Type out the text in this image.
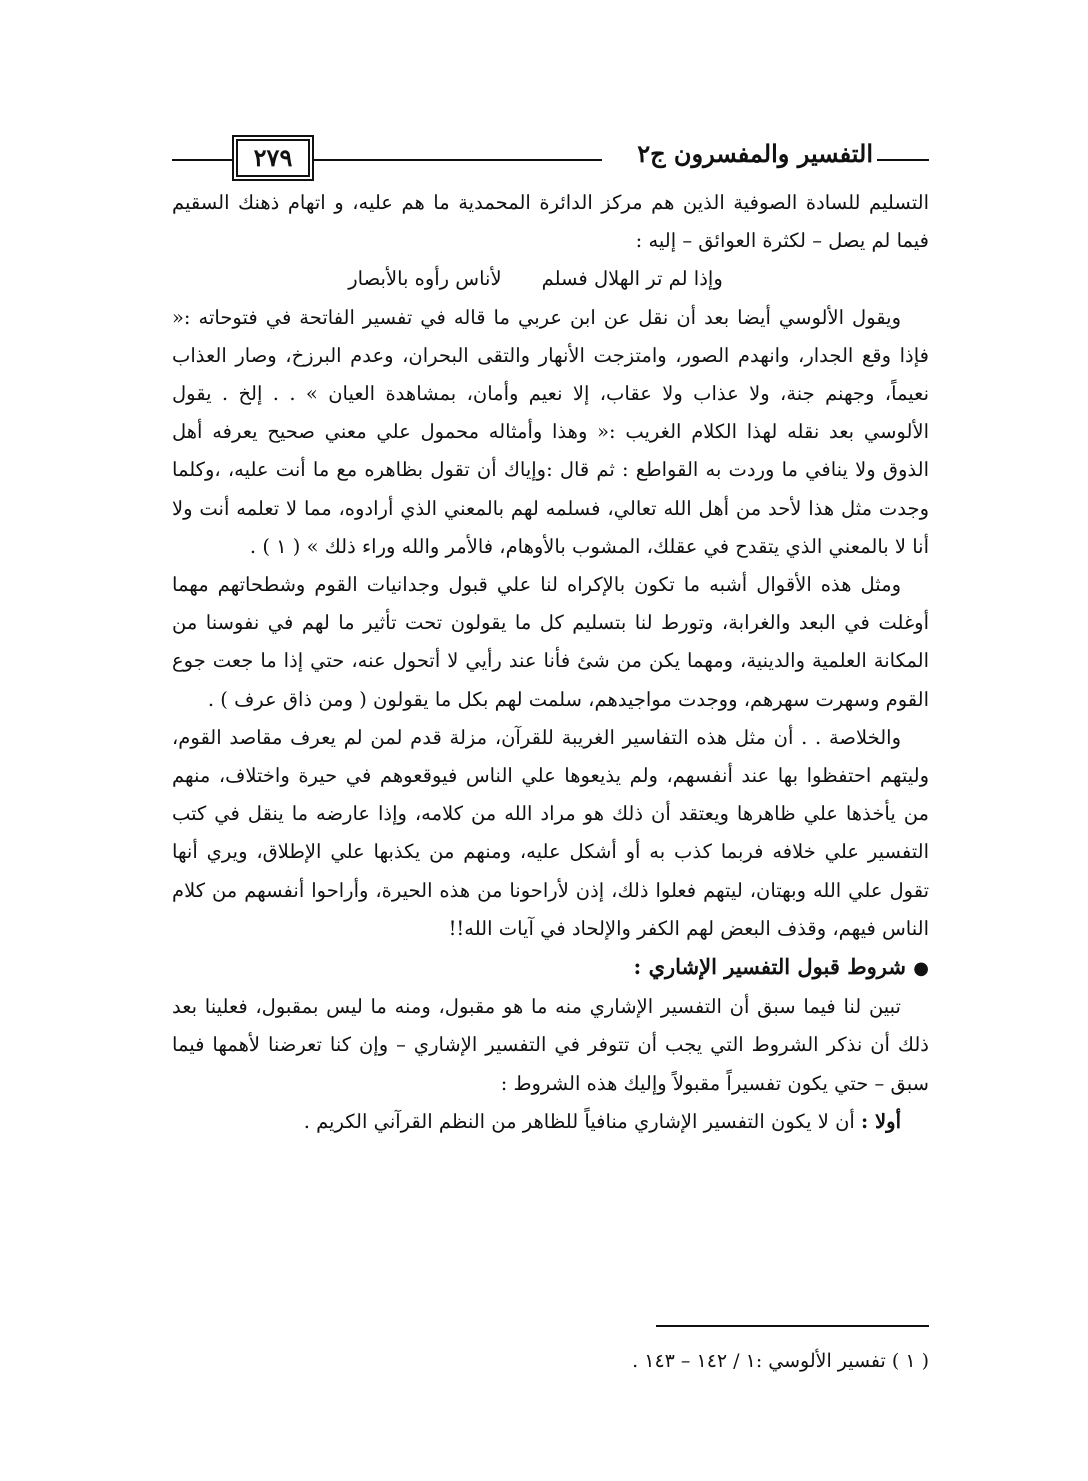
٢٧٩	التفسير والمفسرون ج٢

التسليم للسادة الصوفية الذين هم مركز الدائرة المحمدية ما هم عليه، و اتهام ذهنك السقيم فيما لم يصل – لكثرة العوائق – إليه :

وإذا لم تر الهلال فسلملأناس رأوه بالأبصار

ويقول الألوسي أيضا بعد أن نقل عن ابن عربي ما قاله في تفسير الفاتحة في فتوحاته :« فإذا وقع الجدار، وانهدم الصور، وامتزجت الأنهار والتقى البحران، وعدم البرزخ، وصار العذاب نعيماً، وجهنم جنة، ولا عذاب ولا عقاب، إلا نعيم وأمان، بمشاهدة العيان » . . إلخ . يقول الألوسي بعد نقله لهذا الكلام الغريب :« وهذا وأمثاله محمول علي معني صحيح يعرفه أهل الذوق ولا ينافي ما وردت به القواطع : ثم قال :وإياك أن تقول بظاهره مع ما أنت عليه، ،وكلما وجدت مثل هذا لأحد من أهل الله تعالي، فسلمه لهم بالمعني الذي أرادوه، مما لا تعلمه أنت ولا أنا لا بالمعني الذي يتقدح في عقلك، المشوب بالأوهام، فالأمر والله وراء ذلك » ( ١ ) .

ومثل هذه الأقوال أشبه ما تكون بالإكراه لنا علي قبول وجدانيات القوم وشطحاتهم مهما أوغلت في البعد والغرابة، وتورط لنا بتسليم كل ما يقولون تحت تأثير ما لهم في نفوسنا من المكانة العلمية والدينية، ومهما يكن من شئ فأنا عند رأيي لا أتحول عنه، حتي إذا ما جعت جوع القوم وسهرت سهرهم، ووجدت مواجيدهم، سلمت لهم بكل ما يقولون ( ومن ذاق عرف ) .

والخلاصة . . أن مثل هذه التفاسير الغريبة للقرآن، مزلة قدم لمن لم يعرف مقاصد القوم، وليتهم احتفظوا بها عند أنفسهم، ولم يذيعوها علي الناس فيوقعوهم في حيرة واختلاف، منهم من يأخذها علي ظاهرها ويعتقد أن ذلك هو مراد الله من كلامه، وإذا عارضه ما ينقل في كتب التفسير علي خلافه فربما كذب به أو أشكل عليه، ومنهم من يكذبها علي الإطلاق، ويري أنها تقول علي الله وبهتان، ليتهم فعلوا ذلك، إذن لأراحونا من هذه الحيرة، وأراحوا أنفسهم من كلام الناس فيهم، وقذف البعض لهم الكفر والإلحاد في آيات الله!!

● شروط قبول التفسير الإشاري :

تبين لنا فيما سبق أن التفسير الإشاري منه ما هو مقبول، ومنه ما ليس بمقبول، فعلينا بعد ذلك أن نذكر الشروط التي يجب أن تتوفر في التفسير الإشاري – وإن كنا تعرضنا لأهمها فيما سبق – حتي يكون تفسيراً مقبولاً وإليك هذه الشروط :

أولا : أن لا يكون التفسير الإشاري منافياً للظاهر من النظم القرآني الكريم .

( ١ ) تفسير الألوسي :١ / ١٤٢ – ١٤٣ .
